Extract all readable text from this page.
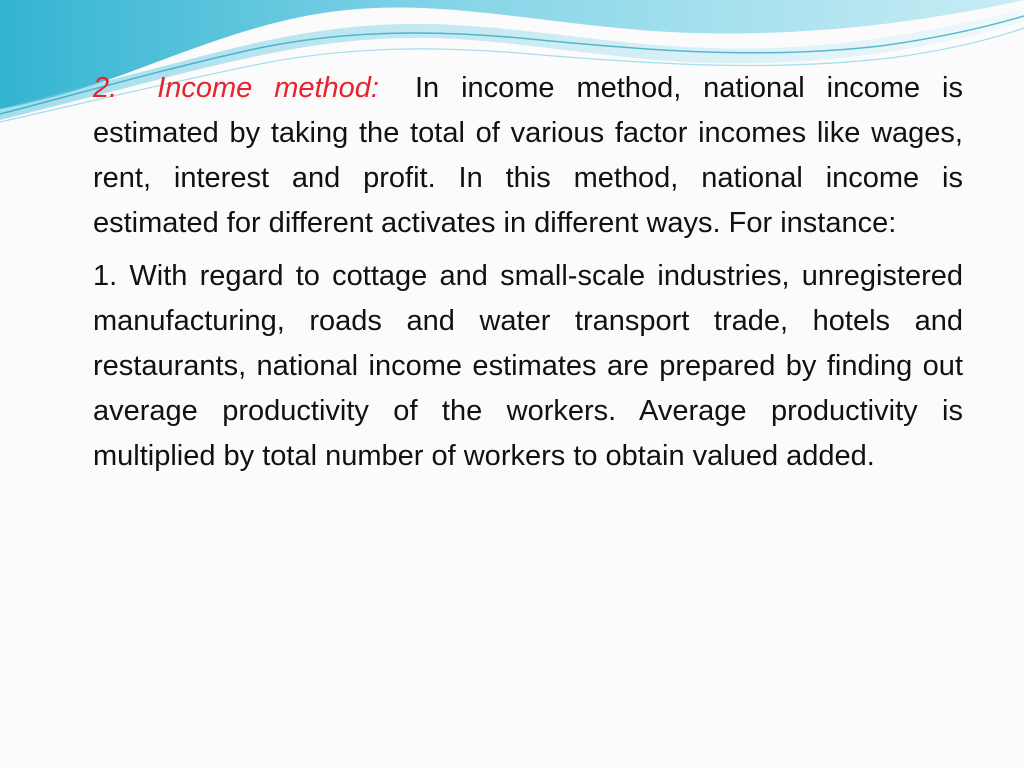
2. Income method: In income method, national income is estimated by taking the total of various factor incomes like wages, rent, interest and profit. In this method, national income is estimated for different activates in different ways. For instance:

1. With regard to cottage and small-scale industries, unregistered manufacturing, roads and water transport trade, hotels and restaurants, national income estimates are prepared by finding out average productivity of the workers. Average productivity is multiplied by total number of workers to obtain valued added.
